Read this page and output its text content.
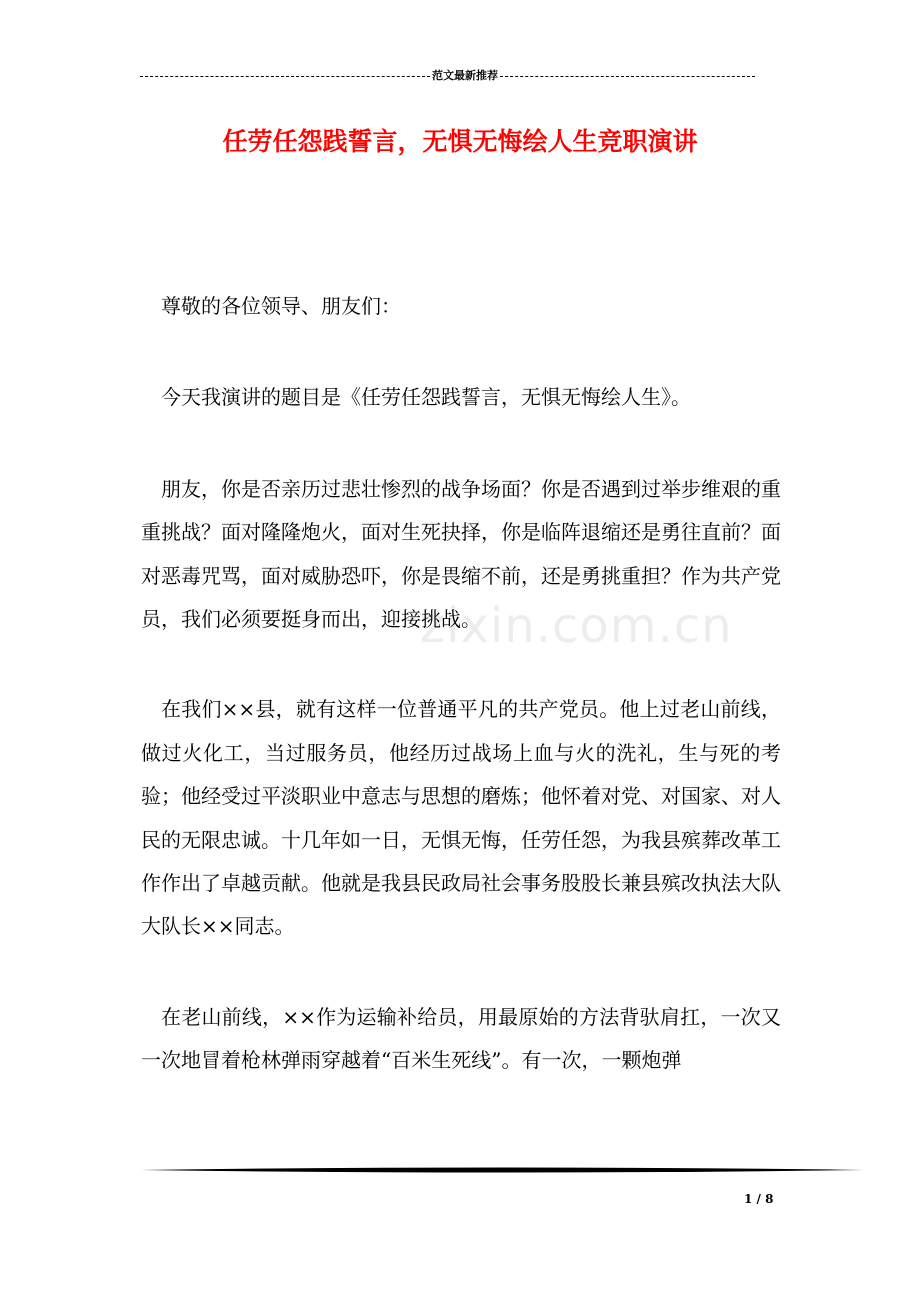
范文最新推荐
任劳任怨践誓言，无惧无悔绘人生竞职演讲
zixin.com.cn

尊敬的各位领导、朋友们：

今天我演讲的题目是《任劳任怨践誓言，无惧无悔绘人生》。

朋友，你是否亲历过悲壮惨烈的战争场面？你是否遇到过举步维艰的重重挑战？面对隆隆炮火，面对生死抉择，你是临阵退缩还是勇往直前？面对恶毒咒骂，面对威胁恐吓，你是畏缩不前，还是勇挑重担？作为共产党员，我们必须要挺身而出，迎接挑战。

在我们××县，就有这样一位普通平凡的共产党员。他上过老山前线，做过火化工，当过服务员，他经历过战场上血与火的洗礼，生与死的考验；他经受过平淡职业中意志与思想的磨炼；他怀着对党、对国家、对人民的无限忠诚。十几年如一日，无惧无悔，任劳任怨，为我县殡葬改革工作作出了卓越贡献。他就是我县民政局社会事务股股长兼县殡改执法大队大队长××同志。

在老山前线，××作为运输补给员，用最原始的方法背驮肩扛，一次又一次地冒着枪林弹雨穿越着“百米生死线”。有一次，一颗炮弹

1 / 8
